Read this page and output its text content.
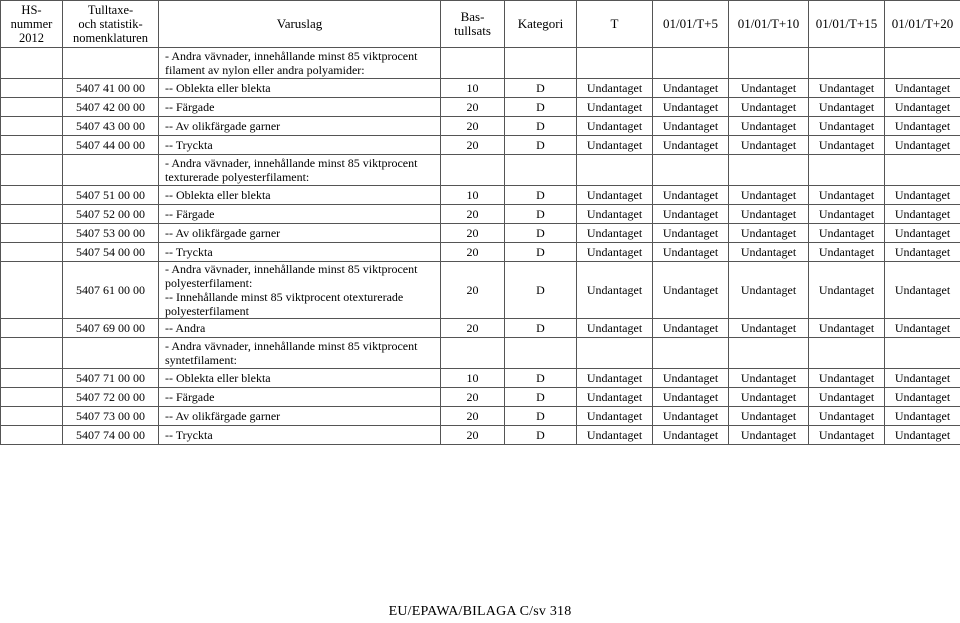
HS-
nummer
2012	Tulltaxe-
och statistik-
nomenklaturen	Varuslag	Bas-
tullsats	Kategori	T	01/01/T+5	01/01/T+10	01/01/T+15	01/01/T+20
		- Andra vävnader, innehållande minst 85 viktprocent filament av nylon eller andra polyamider:							
	5407 41 00 00	-- Oblekta eller blekta	10	D	Undantaget	Undantaget	Undantaget	Undantaget	Undantaget
	5407 42 00 00	-- Färgade	20	D	Undantaget	Undantaget	Undantaget	Undantaget	Undantaget
	5407 43 00 00	-- Av olikfärgade garner	20	D	Undantaget	Undantaget	Undantaget	Undantaget	Undantaget
	5407 44 00 00	-- Tryckta	20	D	Undantaget	Undantaget	Undantaget	Undantaget	Undantaget
		- Andra vävnader, innehållande minst 85 viktprocent texturerade polyesterfilament:							
	5407 51 00 00	-- Oblekta eller blekta	10	D	Undantaget	Undantaget	Undantaget	Undantaget	Undantaget
	5407 52 00 00	-- Färgade	20	D	Undantaget	Undantaget	Undantaget	Undantaget	Undantaget
	5407 53 00 00	-- Av olikfärgade garner	20	D	Undantaget	Undantaget	Undantaget	Undantaget	Undantaget
	5407 54 00 00	-- Tryckta	20	D	Undantaget	Undantaget	Undantaget	Undantaget	Undantaget
	5407 61 00 00	- Andra vävnader, innehållande minst 85 viktprocent polyesterfilament:
-- Innehållande minst 85 viktprocent otexturerade polyesterfilament	20	D	Undantaget	Undantaget	Undantaget	Undantaget	Undantaget
	5407 69 00 00	-- Andra	20	D	Undantaget	Undantaget	Undantaget	Undantaget	Undantaget
		- Andra vävnader, innehållande minst 85 viktprocent syntetfilament:							
	5407 71 00 00	-- Oblekta eller blekta	10	D	Undantaget	Undantaget	Undantaget	Undantaget	Undantaget
	5407 72 00 00	-- Färgade	20	D	Undantaget	Undantaget	Undantaget	Undantaget	Undantaget
	5407 73 00 00	-- Av olikfärgade garner	20	D	Undantaget	Undantaget	Undantaget	Undantaget	Undantaget
	5407 74 00 00	-- Tryckta	20	D	Undantaget	Undantaget	Undantaget	Undantaget	Undantaget
EU/EPAWA/BILAGA C/sv 318
